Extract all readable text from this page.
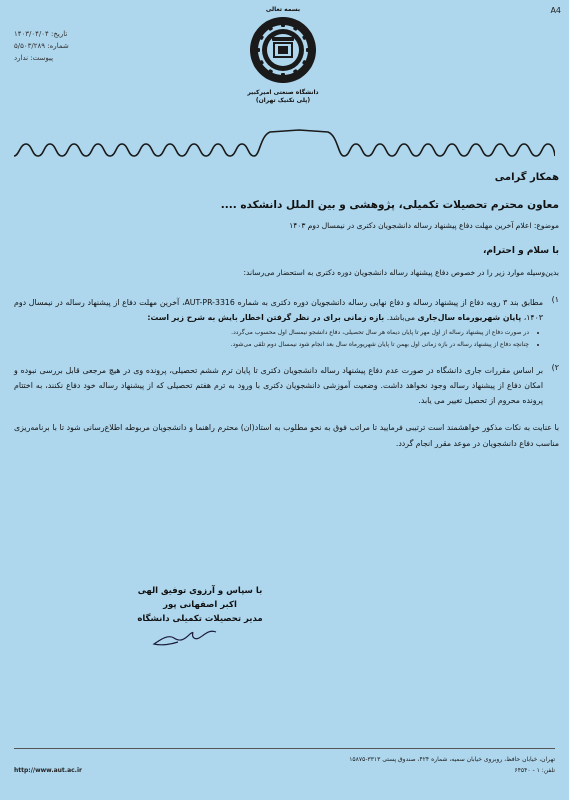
A4
تاریخ: ۱۴۰۳/۰۴/۰۴
شماره: ۵/۵۰۳/۲۸۹
پیوست: ندارد
بسمه تعالی
دانشگاه صنعتی امیرکبیر
(پلی تکنیک تهران)
همکار گرامی
معاون محترم تحصیلات تکمیلی، پژوهشی و بین الملل دانشکده ....
موضوع: اعلام آخرین مهلت دفاع پیشنهاد رساله دانشجویان دکتری در نیمسال دوم ۱۴۰۳
با سلام و احترام،
بدین‌وسیله موارد زیر را در خصوص دفاع پیشنهاد رساله دانشجویان دوره دکتری به استحضار می‌رساند:
۱)
مطابق بند ۳ رویه دفاع از پیشنهاد رساله و دفاع نهایی رساله دانشجویان دوره دکتری به شماره AUT-PR-3316، آخرین مهلت دفاع از پیشنهاد رساله در نیمسال دوم ۱۴۰۳، پایان شهریورماه سال‌جاری می‌باشد. بازه زمانی برای در نظر گرفتن اخطار بایش به شرح زیر است:
• در صورت دفاع از پیشنهاد رساله از اول مهر تا پایان دیماه هر سال تحصیلی، دفاع دانشجو نیمسال اول محسوب می‌گردد.
• چنانچه دفاع از پیشنهاد رساله در بازه زمانی اول بهمن تا پایان شهریورماه سال بعد انجام شود نیمسال دوم تلقی می‌شود.
۲)
بر اساس مقررات جاری دانشگاه در صورت عدم دفاع پیشنهاد رساله دانشجویان دکتری تا پایان ترم ششم تحصیلی، پرونده وی در هیچ مرجعی قابل بررسی نبوده و امکان دفاع از پیشنهاد رساله وجود نخواهد داشت. وضعیت آموزشی دانشجویان دکتری با ورود به ترم هفتم تحصیلی که از پیشنهاد رساله خود دفاع نکنند، به اختتام پرونده محروم از تحصیل تغییر می یابد.
با عنایت به نکات مذکور خواهشمند است ترتیبی فرمایید تا مراتب فوق به نحو مطلوب به استاد(ان) محترم راهنما و دانشجویان مربوطه اطلاع‌رسانی شود تا با برنامه‌ریزی مناسب دفاع دانشجویان در موعد مقرر انجام گردد.
با سپاس و آرزوی توفیق الهی
اکبر اصفهانی پور
مدیر تحصیلات تکمیلی دانشگاه
تهران، خیابان حافظ، روبروی خیابان سمیه، شماره ۴۲۴، صندوق پستی ۳۳۱۳-۱۵۸۷۵
تلفن: ۱ - ۶۴۵۴۰
http://www.aut.ac.ir
